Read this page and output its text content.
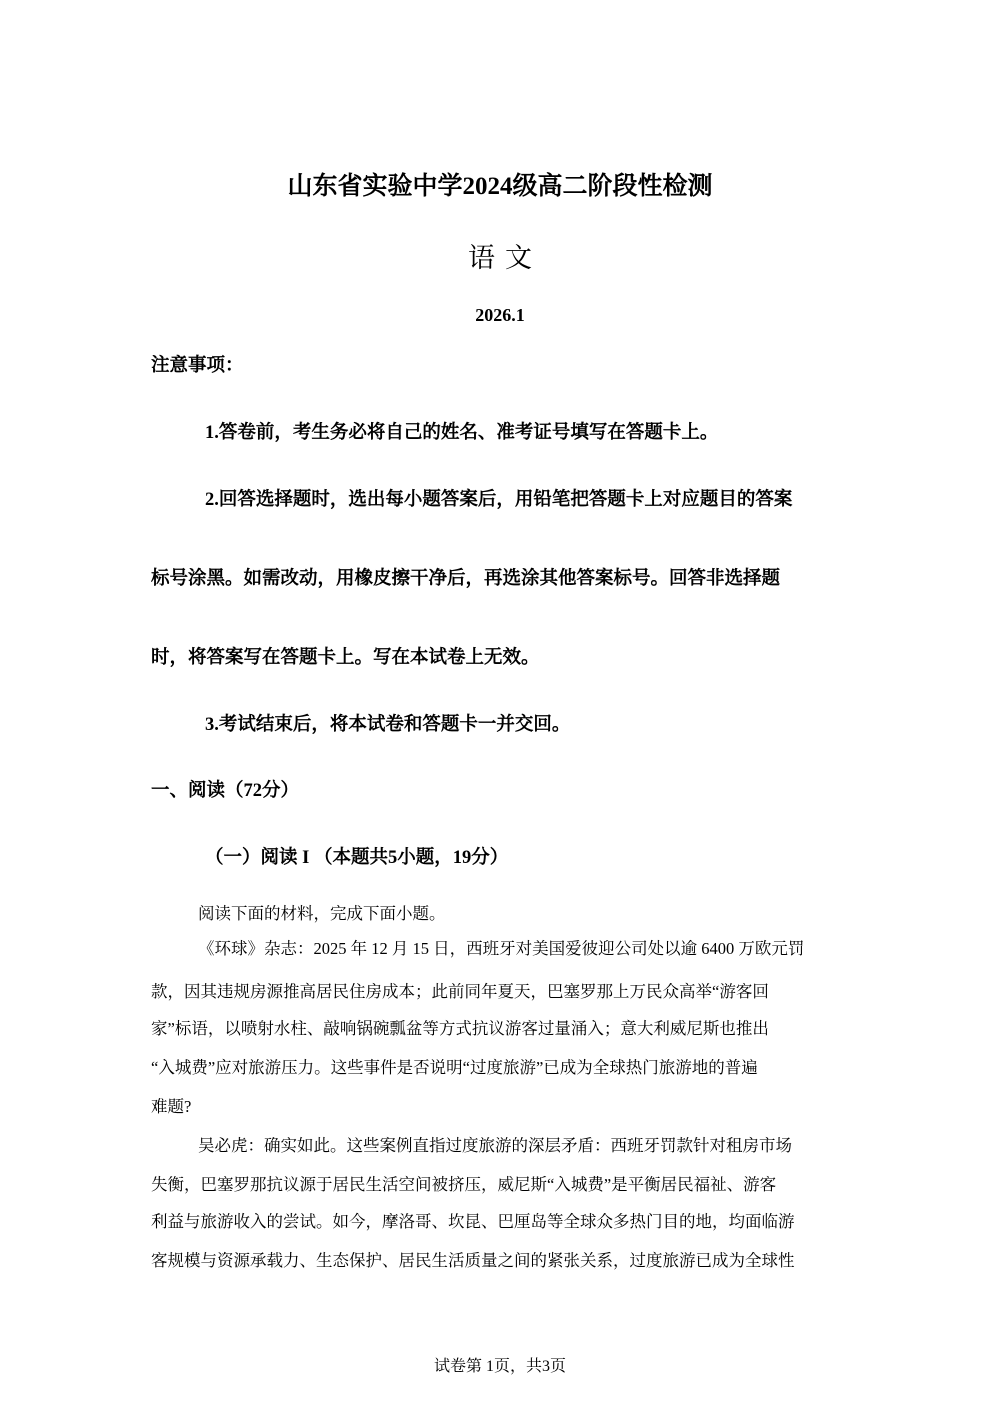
山东省实验中学2024级高二阶段性检测
语文
2026.1
注意事项：
1.答卷前，考生务必将自己的姓名、准考证号填写在答题卡上。
2.回答选择题时，选出每小题答案后，用铅笔把答题卡上对应题目的答案
标号涂黑。如需改动，用橡皮擦干净后，再选涂其他答案标号。回答非选择题
时，将答案写在答题卡上。写在本试卷上无效。
3.考试结束后，将本试卷和答题卡一并交回。
一、阅读（72分）
（一）阅读 I （本题共5小题，19分）
阅读下面的材料，完成下面小题。
《环球》杂志：2025 年 12 月 15 日，西班牙对美国爱彼迎公司处以逾 6400 万欧元罚
款，因其违规房源推高居民住房成本；此前同年夏天，巴塞罗那上万民众高举“游客回
家”标语，以喷射水柱、敲响锅碗瓢盆等方式抗议游客过量涌入；意大利威尼斯也推出
“入城费”应对旅游压力。这些事件是否说明“过度旅游”已成为全球热门旅游地的普遍
难题?
吴必虎：确实如此。这些案例直指过度旅游的深层矛盾：西班牙罚款针对租房市场
失衡，巴塞罗那抗议源于居民生活空间被挤压，威尼斯“入城费”是平衡居民福祉、游客
利益与旅游收入的尝试。如今，摩洛哥、坎昆、巴厘岛等全球众多热门目的地，均面临游
客规模与资源承载力、生态保护、居民生活质量之间的紧张关系，过度旅游已成为全球性
试卷第 1页，共3页
